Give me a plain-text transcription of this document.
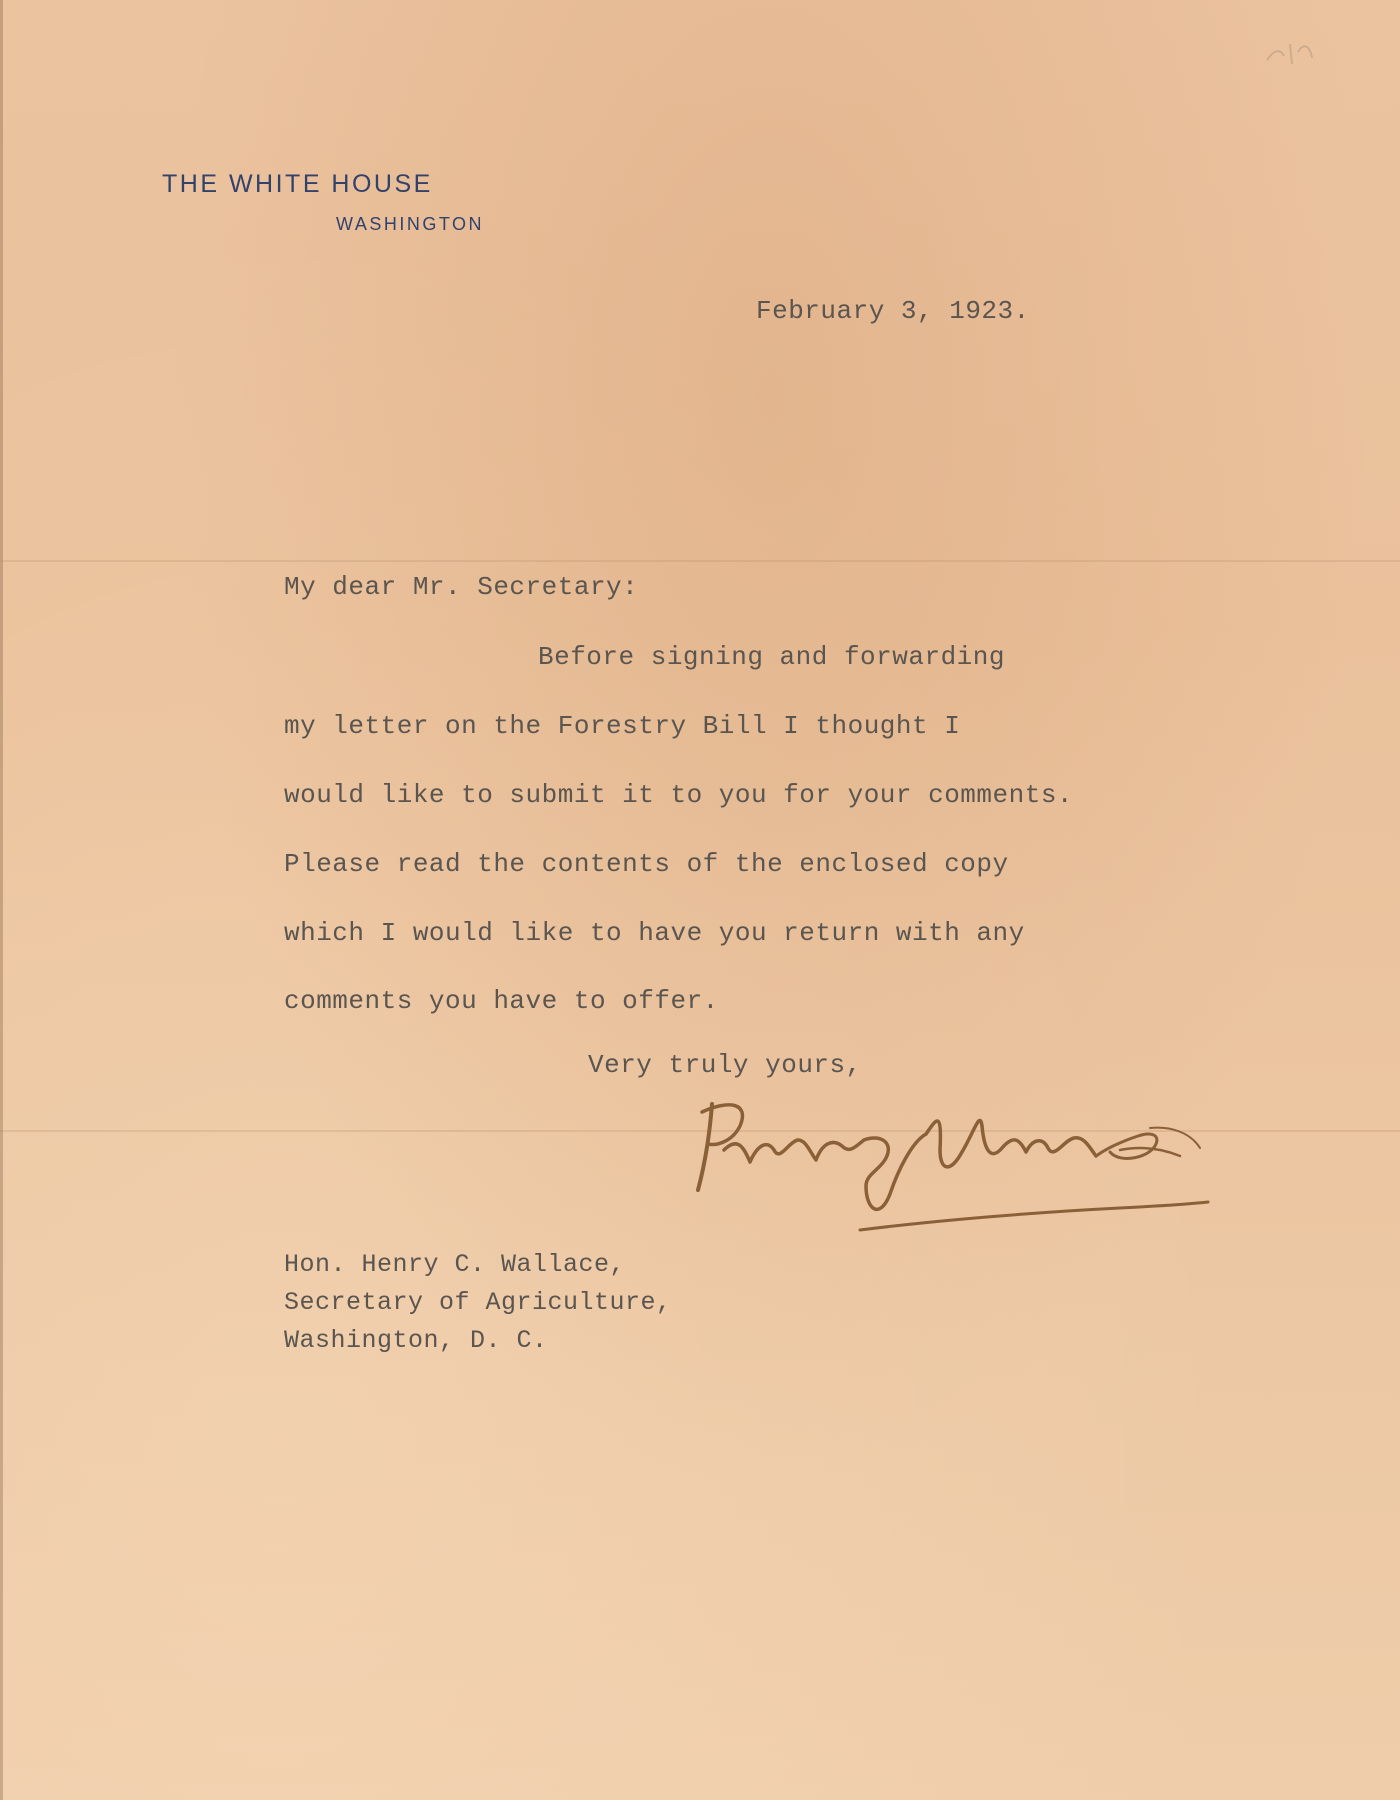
THE WHITE HOUSE
WASHINGTON
February 3, 1923.
My dear Mr. Secretary:
Before signing and forwarding
my letter on the Forestry Bill I thought I
would like to submit it to you for your comments.
Please read the contents of the enclosed copy
which I would like to have you return with any
comments you have to offer.
Very truly yours,
Hon. Henry C. Wallace,
Secretary of Agriculture,
Washington, D. C.
